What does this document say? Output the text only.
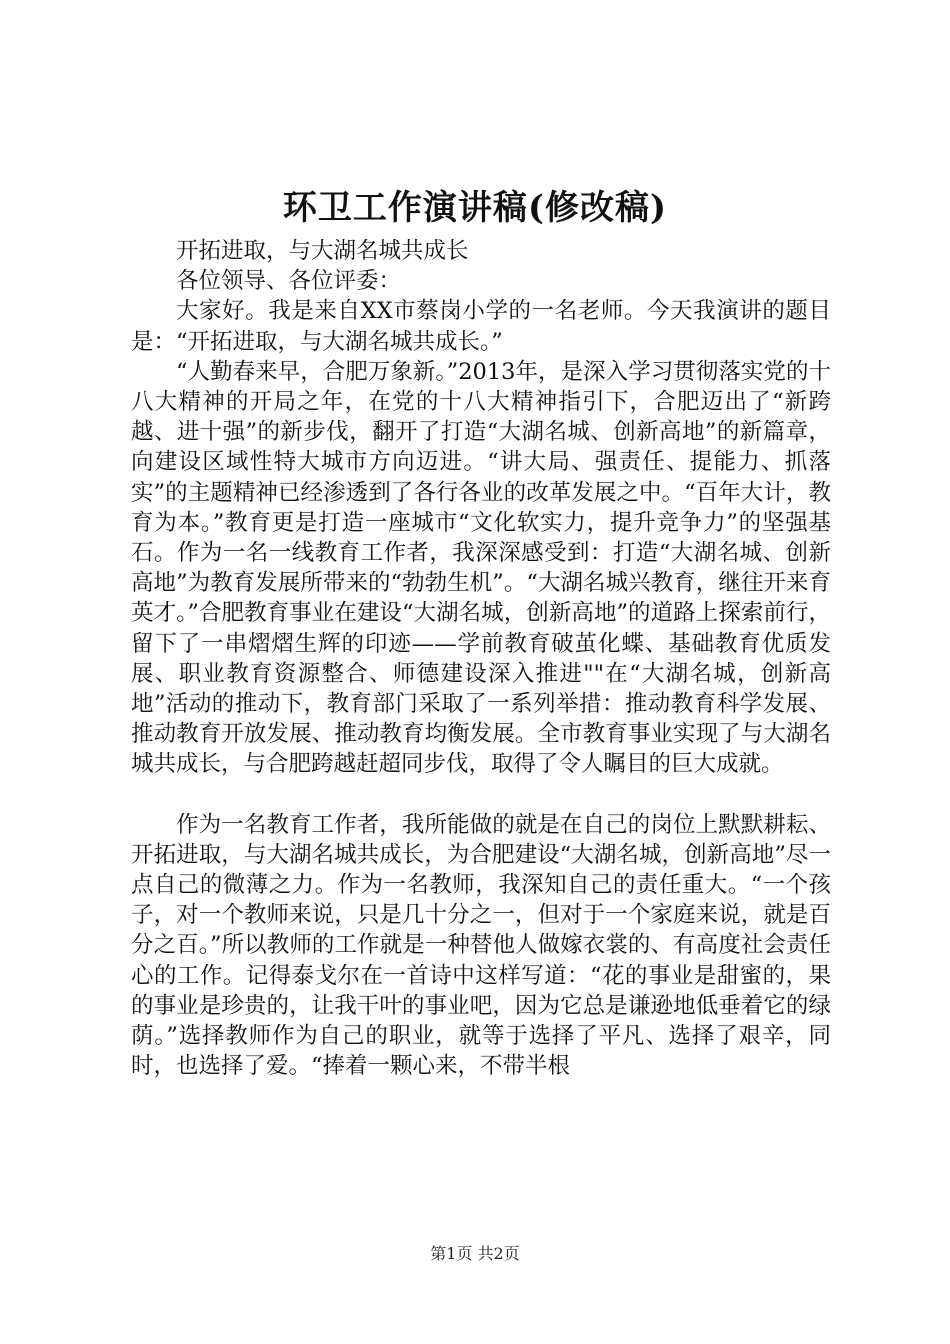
环卫工作演讲稿(修改稿)

开拓进取，与大湖名城共成长

各位领导、各位评委：

大家好。我是来自XX市蔡岗小学的一名老师。今天我演讲的题目是：“开拓进取，与大湖名城共成长。”

“人勤春来早，合肥万象新。”2013年，是深入学习贯彻落实党的十八大精神的开局之年，在党的十八大精神指引下，合肥迈出了“新跨越、进十强”的新步伐，翻开了打造“大湖名城、创新高地”的新篇章，向建设区域性特大城市方向迈进。“讲大局、强责任、提能力、抓落实”的主题精神已经渗透到了各行各业的改革发展之中。“百年大计，教育为本。”教育更是打造一座城市“文化软实力，提升竞争力”的坚强基石。作为一名一线教育工作者，我深深感受到：打造“大湖名城、创新高地”为教育发展所带来的“勃勃生机”。“大湖名城兴教育，继往开来育英才。”合肥教育事业在建设“大湖名城，创新高地”的道路上探索前行，留下了一串熠熠生辉的印迹——学前教育破茧化蝶、基础教育优质发展、职业教育资源整合、师德建设深入推进""在“大湖名城，创新高地”活动的推动下，教育部门采取了一系列举措：推动教育科学发展、推动教育开放发展、推动教育均衡发展。全市教育事业实现了与大湖名城共成长，与合肥跨越赶超同步伐，取得了令人瞩目的巨大成就。

作为一名教育工作者，我所能做的就是在自己的岗位上默默耕耘、开拓进取，与大湖名城共成长，为合肥建设“大湖名城，创新高地”尽一点自己的微薄之力。作为一名教师，我深知自己的责任重大。“一个孩子，对一个教师来说，只是几十分之一，但对于一个家庭来说，就是百分之百。”所以教师的工作就是一种替他人做嫁衣裳的、有高度社会责任心的工作。记得泰戈尔在一首诗中这样写道：“花的事业是甜蜜的，果的事业是珍贵的，让我干叶的事业吧，因为它总是谦逊地低垂着它的绿荫。”选择教师作为自己的职业，就等于选择了平凡、选择了艰辛，同时，也选择了爱。“捧着一颗心来，不带半根

第1页 共2页
